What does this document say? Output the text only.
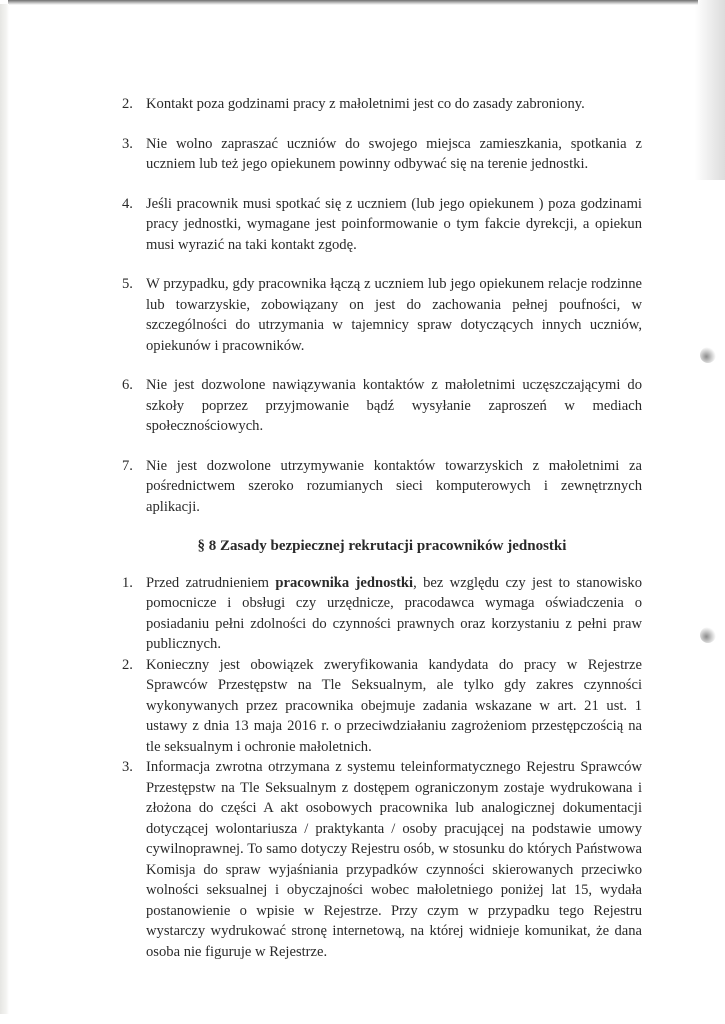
2. Kontakt poza godzinami pracy z małoletnimi jest co do zasady zabroniony.
3. Nie wolno zapraszać uczniów do swojego miejsca zamieszkania, spotkania z uczniem lub też jego opiekunem powinny odbywać się na terenie jednostki.
4. Jeśli pracownik musi spotkać się z uczniem (lub jego opiekunem ) poza godzinami pracy jednostki, wymagane jest poinformowanie o tym fakcie dyrekcji, a opiekun musi wyrazić na taki kontakt zgodę.
5. W przypadku, gdy pracownika łączą z uczniem lub jego opiekunem relacje rodzinne lub towarzyskie, zobowiązany on jest do zachowania pełnej poufności, w szczególności do utrzymania w tajemnicy spraw dotyczących innych uczniów, opiekunów i pracowników.
6. Nie jest dozwolone nawiązywania kontaktów z małoletnimi uczęszczającymi do szkoły poprzez przyjmowanie bądź wysyłanie zaproszeń w mediach społecznościowych.
7. Nie jest dozwolone utrzymywanie kontaktów towarzyskich z małoletnimi za pośrednictwem szeroko rozumianych sieci komputerowych i zewnętrznych aplikacji.
§ 8 Zasady bezpiecznej rekrutacji pracowników jednostki
1. Przed zatrudnieniem pracownika jednostki, bez względu czy jest to stanowisko pomocnicze i obsługi czy urzędnicze, pracodawca wymaga oświadczenia o posiadaniu pełni zdolności do czynności prawnych oraz korzystaniu z pełni praw publicznych.
2. Konieczny jest obowiązek zweryfikowania kandydata do pracy w Rejestrze Sprawców Przestępstw na Tle Seksualnym, ale tylko gdy zakres czynności wykonywanych przez pracownika obejmuje zadania wskazane w art. 21 ust. 1 ustawy z dnia 13 maja 2016 r. o przeciwdziałaniu zagrożeniom przestępczością na tle seksualnym i ochronie małoletnich.
3. Informacja zwrotna otrzymana z systemu teleinformatycznego Rejestru Sprawców Przestępstw na Tle Seksualnym z dostępem ograniczonym zostaje wydrukowana i złożona do części A akt osobowych pracownika lub analogicznej dokumentacji dotyczącej wolontariusza / praktykanta / osoby pracującej na podstawie umowy cywilnoprawnej. To samo dotyczy Rejestru osób, w stosunku do których Państwowa Komisja do spraw wyjaśniania przypadków czynności skierowanych przeciwko wolności seksualnej i obyczajności wobec małoletniego poniżej lat 15, wydała postanowienie o wpisie w Rejestrze. Przy czym w przypadku tego Rejestru wystarczy wydrukować stronę internetową, na której widnieje komunikat, że dana osoba nie figuruje w Rejestrze.
